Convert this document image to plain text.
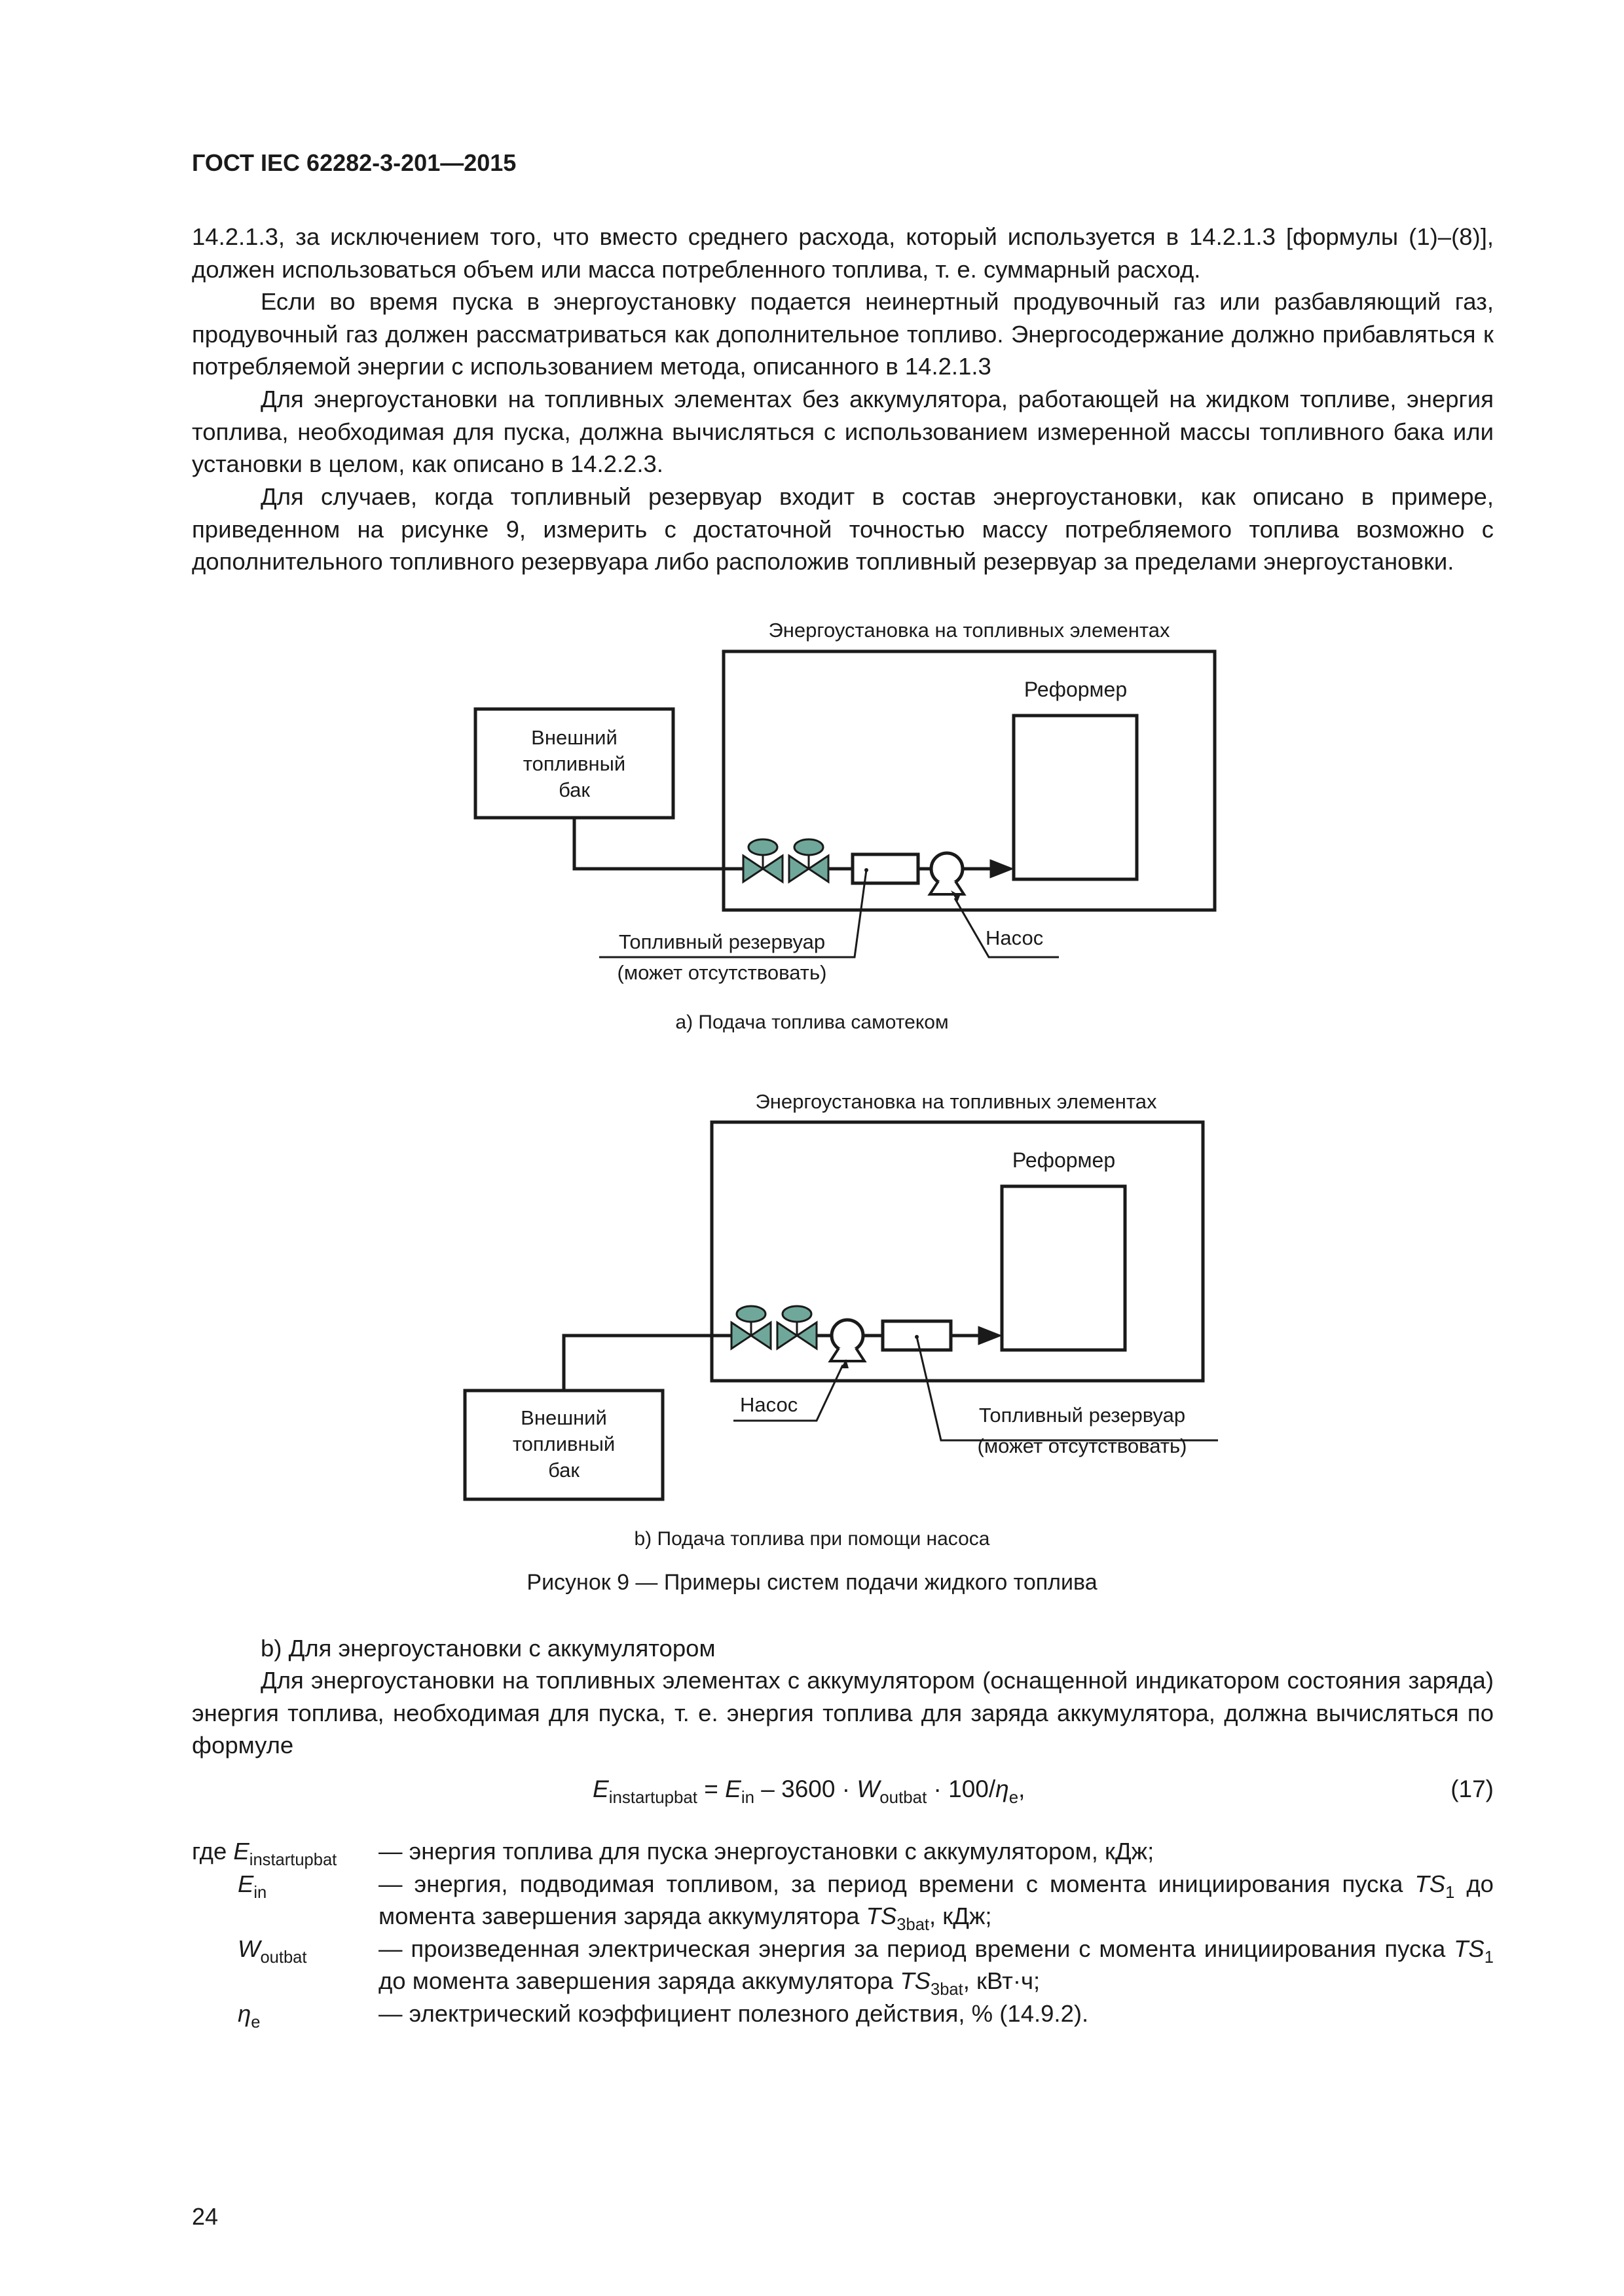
ГОСТ IEC 62282-3-201—2015
14.2.1.3, за исключением того, что вместо среднего расхода, который используется в 14.2.1.3 [формулы (1)–(8)], должен использоваться объем или масса потребленного топлива, т. е. суммарный расход.
Если во время пуска в энергоустановку подается неинертный продувочный газ или разбавляющий газ, продувочный газ должен рассматриваться как дополнительное топливо. Энергосодержание должно прибавляться к потребляемой энергии с использованием метода, описанного в 14.2.1.3
Для энергоустановки на топливных элементах без аккумулятора, работающей на жидком топливе, энергия топлива, необходимая для пуска, должна вычисляться с использованием измеренной массы топливного бака или установки в целом, как описано в 14.2.2.3.
Для случаев, когда топливный резервуар входит в состав энергоустановки, как описано в примере, приведенном на рисунке 9, измерить с достаточной точностью массу потребляемого топлива возможно с дополнительного топливного резервуара либо расположив топливный резервуар за пределами энергоустановки.
Энергоустановка на топливных элементах
Реформер
Внешний
топливный
бак
Топливный резервуар
(может отсутствовать)
Насос
а) Подача топлива самотеком
Энергоустановка на топливных элементах
Реформер
Внешний
топливный
бак
Насос	Топливный резервуар
(может отсутствовать)
b) Подача топлива при помощи насоса
Рисунок 9 — Примеры систем подачи жидкого топлива
b) Для энергоустановки с аккумулятором
Для энергоустановки на топливных элементах с аккумулятором (оснащенной индикатором состояния заряда) энергия топлива, необходимая для пуска, т. е. энергия топлива для заряда аккумулятора, должна вычисляться по формуле
$E_{instartupbat} = E_{in} - 3600 \cdot W_{outbat} \cdot 100/\eta_e$,	(17)
где $E_{instartupbat}$ — энергия топлива для пуска энергоустановки с аккумулятором, кДж;
$E_{in}$	— энергия, подводимая топливом, за период времени с момента инициирования пуска $TS_1$ до момента завершения заряда аккумулятора $TS_{3bat}$, кДж;
$W_{outbat}$	— произведенная электрическая энергия за период времени с момента инициирования пуска $TS_1$ до момента завершения заряда аккумулятора $TS_{3bat}$, кВт·ч;
$\eta_e$	— электрический коэффициент полезного действия, % (14.9.2).
24
